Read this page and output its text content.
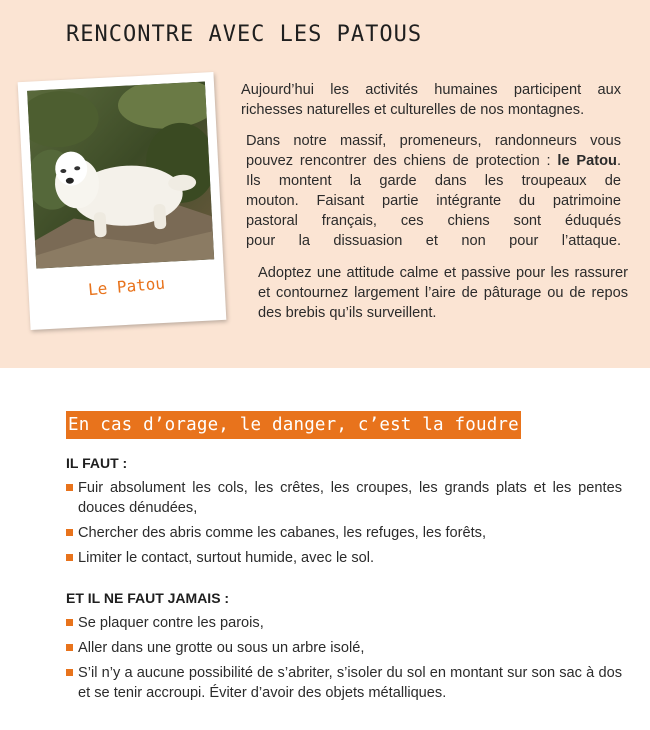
RENCONTRE AVEC LES PATOUS
Le Patou

Aujourd’hui les activités humaines participent aux richesses naturelles et culturelles de nos montagnes.

Dans notre massif, promeneurs, randonneurs vous
pouvez rencontrer des chiens de protection : le Patou.
Ils montent la garde dans les troupeaux de
mouton. Faisant partie intégrante du patrimoine
pastoral français, ces chiens sont éduqués
pour la dissuasion et non pour l’attaque.

Adoptez une attitude calme et passive pour les rassurer et contournez largement l’aire de pâturage ou de repos des brebis qu’ils surveillent.

En cas d’orage, le danger, c’est la foudre
IL FAUT :
Fuir absolument les cols, les crêtes, les croupes, les grands plats et les pentes douces dénudées,
Chercher des abris comme les cabanes, les refuges, les forêts,
Limiter le contact, surtout humide, avec le sol.
ET IL NE FAUT JAMAIS :
Se plaquer contre les parois,
Aller dans une grotte ou sous un arbre isolé,
S’il n’y a aucune possibilité de s’abriter, s’isoler du sol en montant sur son sac à dos et se tenir accroupi. Éviter d’avoir des objets métalliques.
